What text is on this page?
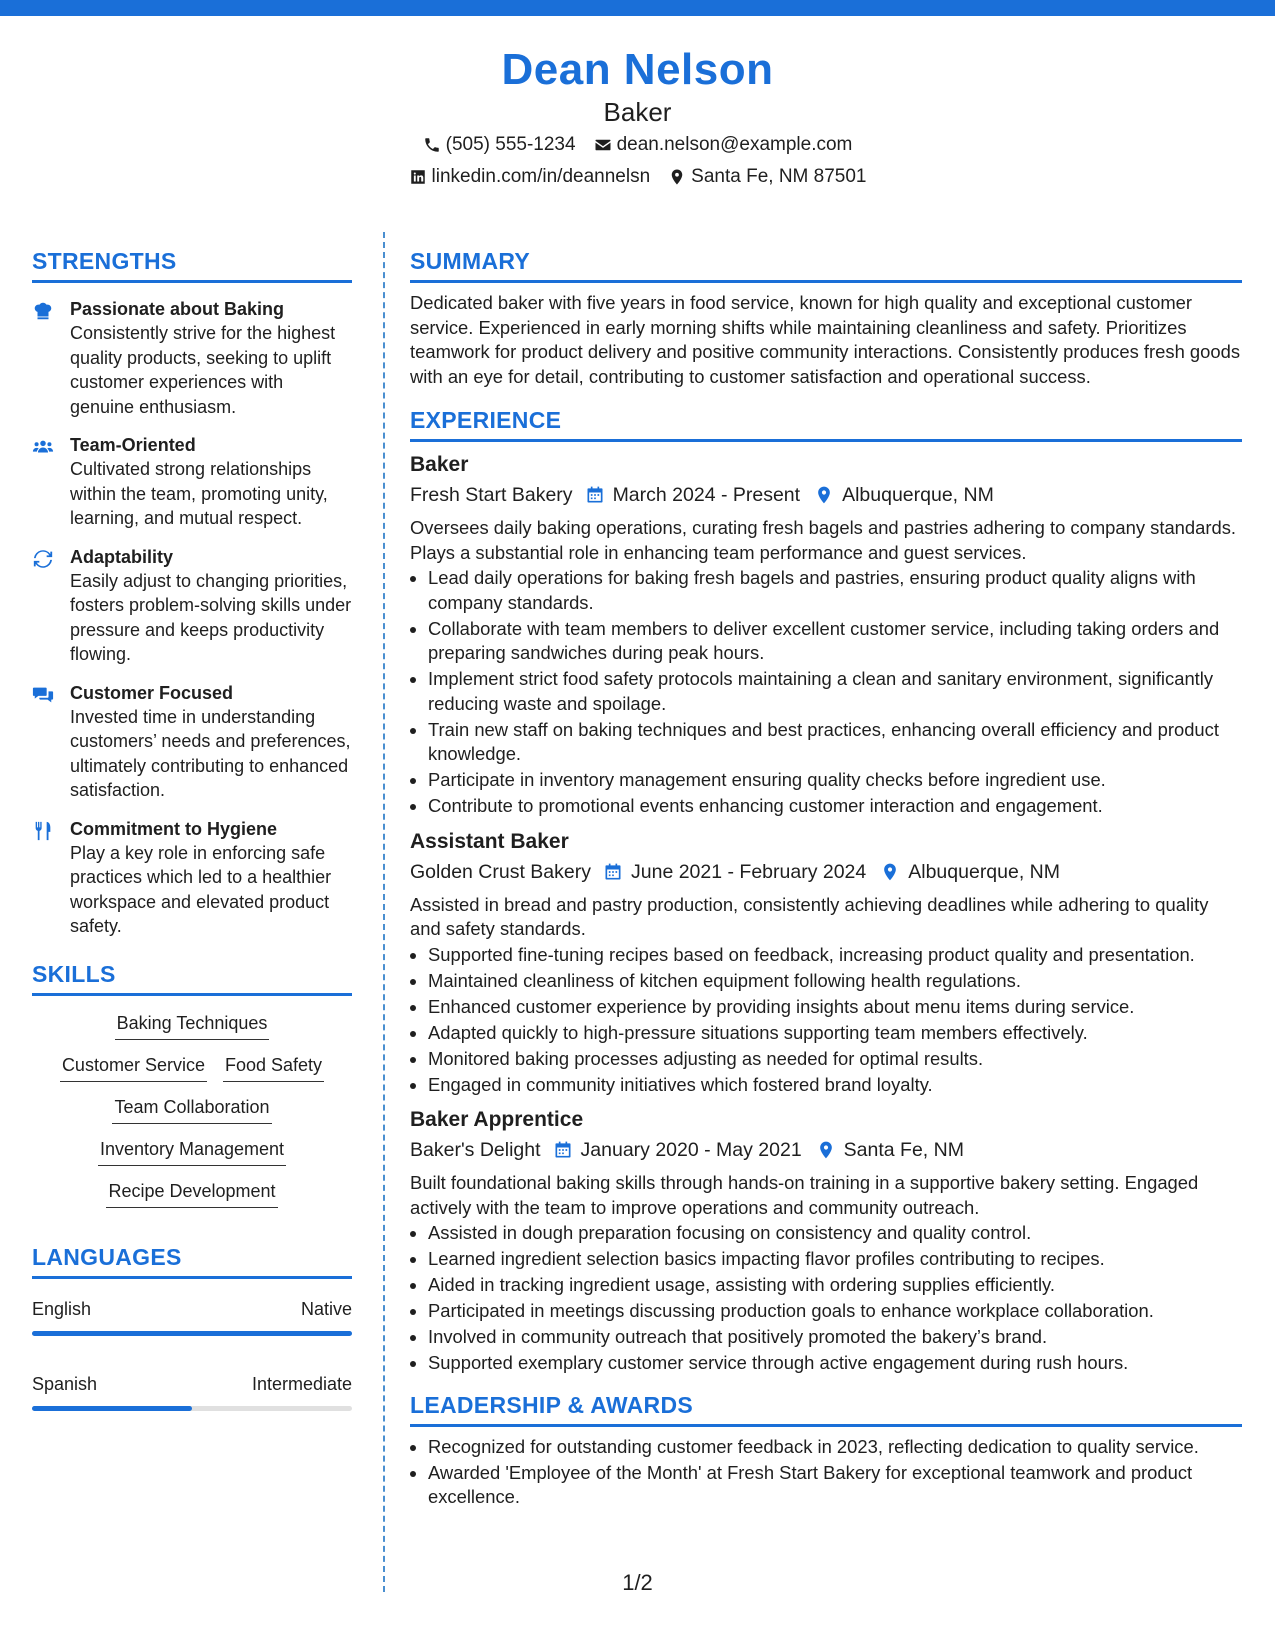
Dean Nelson
Baker
(505) 555-1234 dean.nelson@example.com
linkedin.com/in/deannelsn Santa Fe, NM 87501
STRENGTHS
Passionate about Baking
Consistently strive for the highest quality products, seeking to uplift customer experiences with genuine enthusiasm.
Team-Oriented
Cultivated strong relationships within the team, promoting unity, learning, and mutual respect.
Adaptability
Easily adjust to changing priorities, fosters problem-solving skills under pressure and keeps productivity flowing.
Customer Focused
Invested time in understanding customers’ needs and preferences, ultimately contributing to enhanced satisfaction.
Commitment to Hygiene
Play a key role in enforcing safe practices which led to a healthier workspace and elevated product safety.
SKILLS
Baking Techniques
Customer Service Food Safety
Team Collaboration
Inventory Management
Recipe Development
LANGUAGES
English	Native
Spanish	Intermediate
SUMMARY
Dedicated baker with five years in food service, known for high quality and exceptional customer service. Experienced in early morning shifts while maintaining cleanliness and safety. Prioritizes teamwork for product delivery and positive community interactions. Consistently produces fresh goods with an eye for detail, contributing to customer satisfaction and operational success.
EXPERIENCE
Baker
Fresh Start Bakery March 2024 - Present Albuquerque, NM
Oversees daily baking operations, curating fresh bagels and pastries adhering to company standards. Plays a substantial role in enhancing team performance and guest services.
• Lead daily operations for baking fresh bagels and pastries, ensuring product quality aligns with company standards.
• Collaborate with team members to deliver excellent customer service, including taking orders and preparing sandwiches during peak hours.
• Implement strict food safety protocols maintaining a clean and sanitary environment, significantly reducing waste and spoilage.
• Train new staff on baking techniques and best practices, enhancing overall efficiency and product knowledge.
• Participate in inventory management ensuring quality checks before ingredient use.
• Contribute to promotional events enhancing customer interaction and engagement.
Assistant Baker
Golden Crust Bakery June 2021 - February 2024 Albuquerque, NM
Assisted in bread and pastry production, consistently achieving deadlines while adhering to quality and safety standards.
• Supported fine-tuning recipes based on feedback, increasing product quality and presentation.
• Maintained cleanliness of kitchen equipment following health regulations.
• Enhanced customer experience by providing insights about menu items during service.
• Adapted quickly to high-pressure situations supporting team members effectively.
• Monitored baking processes adjusting as needed for optimal results.
• Engaged in community initiatives which fostered brand loyalty.
Baker Apprentice
Baker's Delight January 2020 - May 2021 Santa Fe, NM
Built foundational baking skills through hands-on training in a supportive bakery setting. Engaged actively with the team to improve operations and community outreach.
• Assisted in dough preparation focusing on consistency and quality control.
• Learned ingredient selection basics impacting flavor profiles contributing to recipes.
• Aided in tracking ingredient usage, assisting with ordering supplies efficiently.
• Participated in meetings discussing production goals to enhance workplace collaboration.
• Involved in community outreach that positively promoted the bakery’s brand.
• Supported exemplary customer service through active engagement during rush hours.
LEADERSHIP & AWARDS
• Recognized for outstanding customer feedback in 2023, reflecting dedication to quality service.
• Awarded 'Employee of the Month' at Fresh Start Bakery for exceptional teamwork and product excellence.
1/2
